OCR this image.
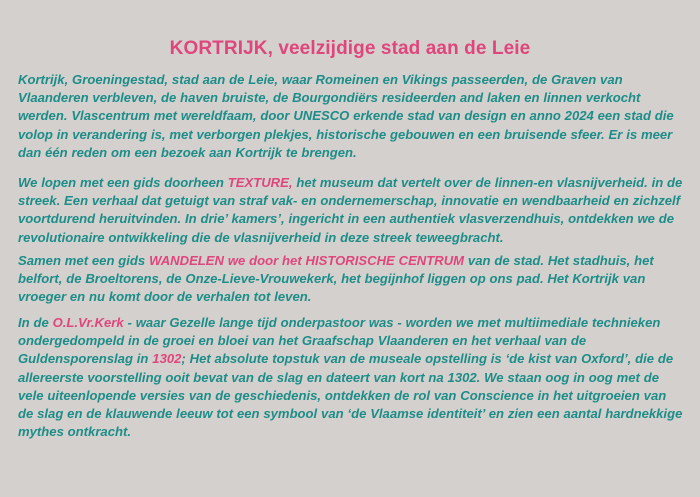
KORTRIJK, veelzijdige stad aan de Leie

Kortrijk, Groeningestad, stad aan de Leie, waar Romeinen en Vikings passeerden, de Graven van Vlaanderen verbleven, de haven bruiste, de Bourgondiërs resideerden and laken en linnen verkocht werden. Vlascentrum met wereldfaam, door UNESCO erkende stad van design en anno 2024 een stad die volop in verandering is, met verborgen plekjes, historische gebouwen en een bruisende sfeer. Er is meer dan één reden om een bezoek aan Kortrijk te brengen.

We lopen met een gids doorheen TEXTURE, het museum dat vertelt over de linnen-en vlasnijverheid. in de streek. Een verhaal dat getuigt van straf vak- en ondernemerschap, innovatie en wendbaarheid en zichzelf voortdurend heruitvinden. In drie’ kamers’, ingericht in een authentiek vlasverzendhuis, ontdekken we de revolutionaire ontwikkeling die de vlasnijverheid in deze streek teweegbracht.

Samen met een gids WANDELEN we door het HISTORISCHE CENTRUM van de stad. Het stadhuis, het belfort, de Broeltorens, de Onze-Lieve-Vrouwekerk, het begijnhof liggen op ons pad. Het Kortrijk van vroeger en nu komt door de verhalen tot leven.

In de O.L.Vr.Kerk - waar Gezelle lange tijd onderpastoor was - worden we met multiimediale technieken ondergedompeld in de groei en bloei van het Graafschap Vlaanderen en het verhaal van de Guldensporenslag in 1302; Het absolute topstuk van de museale opstelling is ‘de kist van Oxford’, die de allereerste voorstelling ooit bevat van de slag en dateert van kort na 1302. We staan oog in oog met de vele uiteenlopende versies van de geschiedenis, ontdekken de rol van Conscience in het uitgroeien van de slag en de klauwende leeuw tot een symbool van ‘de Vlaamse identiteit’ en zien een aantal hardnekkige mythes ontkracht.
